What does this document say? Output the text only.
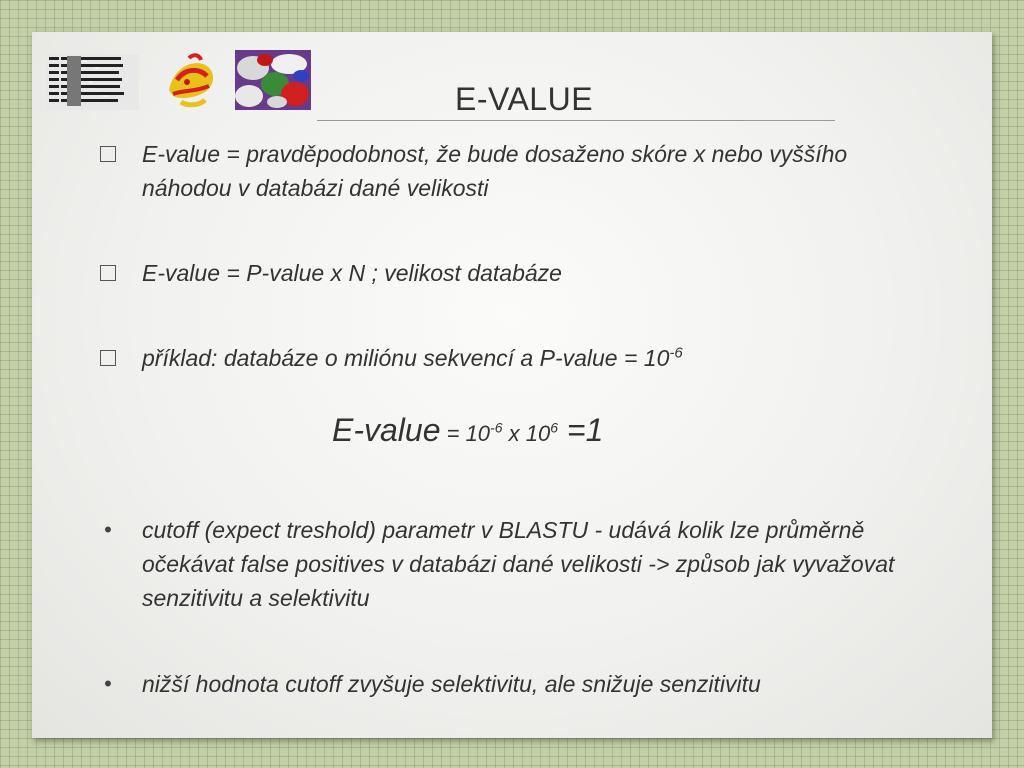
E-VALUE
E-value = pravděpodobnost, že bude dosaženo skóre x nebo vyššího náhodou v databázi dané velikosti
E-value = P-value x N ; velikost databáze
příklad: databáze o miliónu sekvencí a P-value = $10^{-6}$
E-value = $10^{-6}$ x $10^6 =1$
•	cutoff (expect treshold) parametr v BLASTU - udává kolik lze průměrně očekávat false positives v databázi dané velikosti -> způsob jak vyvažovat senzitivitu a selektivitu
•	nižší hodnota cutoff zvyšuje selektivitu, ale snižuje senzitivitu
